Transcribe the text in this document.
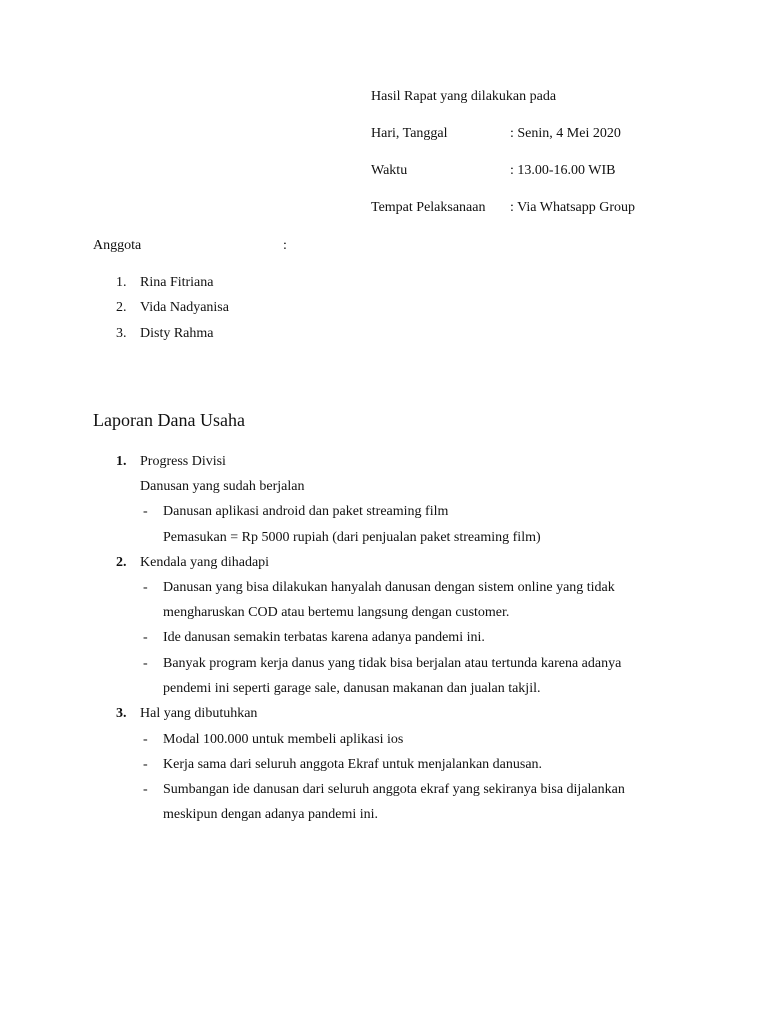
Hasil Rapat yang dilakukan pada

Hari, Tanggal	: Senin, 4 Mei 2020

Waktu	: 13.00-16.00 WIB

Tempat Pelaksanaan : Via Whatsapp Group

Anggota	:

1. Rina Fitriana

2. Vida Nadyanisa

3. Disty Rahma

Laporan Dana Usaha

1. Progress Divisi

Danusan yang sudah berjalan

- Danusan aplikasi android dan paket streaming film

Pemasukan = Rp 5000 rupiah (dari penjualan paket streaming film)

2. Kendala yang dihadapi

- Danusan yang bisa dilakukan hanyalah danusan dengan sistem online yang tidak

mengharuskan COD atau bertemu langsung dengan customer.

- Ide danusan semakin terbatas karena adanya pandemi ini.

- Banyak program kerja danus yang tidak bisa berjalan atau tertunda karena adanya

pendemi ini seperti garage sale, danusan makanan dan jualan takjil.

3. Hal yang dibutuhkan

- Modal 100.000 untuk membeli aplikasi ios

- Kerja sama dari seluruh anggota Ekraf untuk menjalankan danusan.

- Sumbangan ide danusan dari seluruh anggota ekraf yang sekiranya bisa dijalankan

meskipun dengan adanya pandemi ini.
